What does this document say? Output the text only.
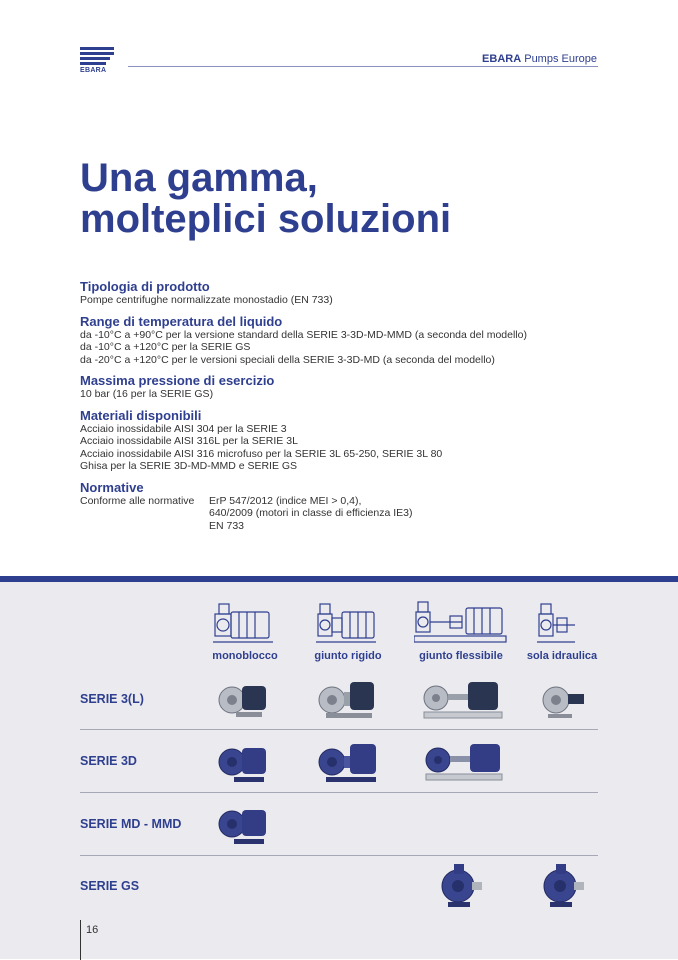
EBARA
EBARA Pumps Europe
Una gamma,
molteplici soluzioni
Tipologia di prodotto

Pompe centrifughe normalizzate monostadio (EN 733)

Range di temperatura del liquido

da -10°C a +90°C per la versione standard della SERIE 3-3D-MD-MMD (a seconda del modello)

da -10°C a +120°C per la SERIE GS

da -20°C a +120°C per le versioni speciali della SERIE 3-3D-MD (a seconda del modello)

Massima pressione di esercizio

10 bar (16 per la SERIE GS)

Materiali disponibili

Acciaio inossidabile AISI 304 per la SERIE 3

Acciaio inossidabile AISI 316L per la SERIE 3L

Acciaio inossidabile AISI 316 microfuso per la SERIE 3L 65-250, SERIE 3L 80

Ghisa per la SERIE 3D-MD-MMD e SERIE GS

Normative
Conforme alle normative	ErP 547/2012 (indice MEI > 0,4),

640/2009 (motori in classe di efficienza IE3)

EN 733

monoblocco	giunto rigido	giunto flessibile	sola idraulica
SERIE 3(L)
SERIE 3D
SERIE MD - MMD
SERIE GS
16
